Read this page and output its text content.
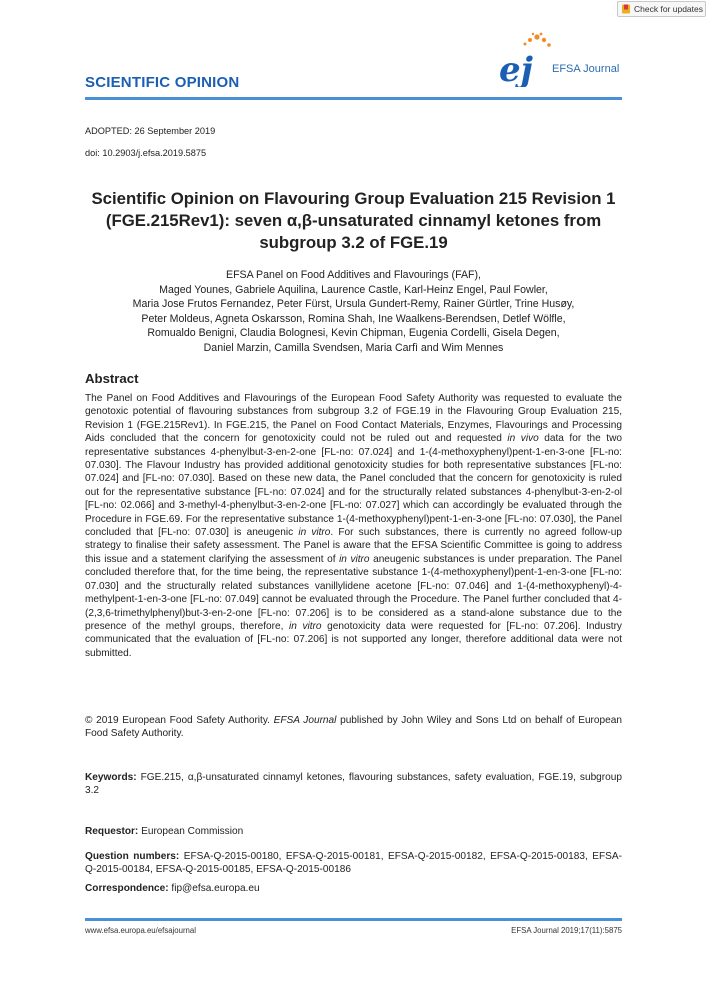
Check for updates
SCIENTIFIC OPINION	ej EFSA Journal
ADOPTED: 26 September 2019
doi: 10.2903/j.efsa.2019.5875
Scientific Opinion on Flavouring Group Evaluation 215 Revision 1 (FGE.215Rev1): seven α,β-unsaturated cinnamyl ketones from subgroup 3.2 of FGE.19
EFSA Panel on Food Additives and Flavourings (FAF),
Maged Younes, Gabriele Aquilina, Laurence Castle, Karl-Heinz Engel, Paul Fowler,
Maria Jose Frutos Fernandez, Peter Fürst, Ursula Gundert-Remy, Rainer Gürtler, Trine Husøy,
Peter Moldeus, Agneta Oskarsson, Romina Shah, Ine Waalkens-Berendsen, Detlef Wölfle,
Romualdo Benigni, Claudia Bolognesi, Kevin Chipman, Eugenia Cordelli, Gisela Degen,
Daniel Marzin, Camilla Svendsen, Maria Carfì and Wim Mennes
Abstract
The Panel on Food Additives and Flavourings of the European Food Safety Authority was requested to evaluate the genotoxic potential of flavouring substances from subgroup 3.2 of FGE.19 in the Flavouring Group Evaluation 215, Revision 1 (FGE.215Rev1). In FGE.215, the Panel on Food Contact Materials, Enzymes, Flavourings and Processing Aids concluded that the concern for genotoxicity could not be ruled out and requested in vivo data for the two representative substances 4-phenylbut-3-en-2-one [FL-no: 07.024] and 1-(4-methoxyphenyl)pent-1-en-3-one [FL-no: 07.030]. The Flavour Industry has provided additional genotoxicity studies for both representative substances [FL-no: 07.024] and [FL-no: 07.030]. Based on these new data, the Panel concluded that the concern for genotoxicity is ruled out for the representative substance [FL-no: 07.024] and for the structurally related substances 4-phenylbut-3-en-2-ol [FL-no: 02.066] and 3-methyl-4-phenylbut-3-en-2-one [FL-no: 07.027] which can accordingly be evaluated through the Procedure in FGE.69. For the representative substance 1-(4-methoxyphenyl)pent-1-en-3-one [FL-no: 07.030], the Panel concluded that [FL-no: 07.030] is aneugenic in vitro. For such substances, there is currently no agreed follow-up strategy to finalise their safety assessment. The Panel is aware that the EFSA Scientific Committee is going to address this issue and a statement clarifying the assessment of in vitro aneugenic substances is under preparation. The Panel concluded therefore that, for the time being, the representative substance 1-(4-methoxyphenyl)pent-1-en-3-one [FL-no: 07.030] and the structurally related substances vanillylidene acetone [FL-no: 07.046] and 1-(4-methoxyphenyl)-4-methylpent-1-en-3-one [FL-no: 07.049] cannot be evaluated through the Procedure. The Panel further concluded that 4-(2,3,6-trimethylphenyl)but-3-en-2-one [FL-no: 07.206] is to be considered as a stand-alone substance due to the presence of the methyl groups, therefore, in vitro genotoxicity data were requested for [FL-no: 07.206]. Industry communicated that the evaluation of [FL-no: 07.206] is not supported any longer, therefore additional data were not submitted.
© 2019 European Food Safety Authority. EFSA Journal published by John Wiley and Sons Ltd on behalf of European Food Safety Authority.
Keywords: FGE.215, α,β-unsaturated cinnamyl ketones, flavouring substances, safety evaluation, FGE.19, subgroup 3.2
Requestor: European Commission
Question numbers: EFSA-Q-2015-00180, EFSA-Q-2015-00181, EFSA-Q-2015-00182, EFSA-Q-2015-00183, EFSA-Q-2015-00184, EFSA-Q-2015-00185, EFSA-Q-2015-00186
Correspondence: fip@efsa.europa.eu
www.efsa.europa.eu/efsajournal	EFSA Journal 2019;17(11):5875
